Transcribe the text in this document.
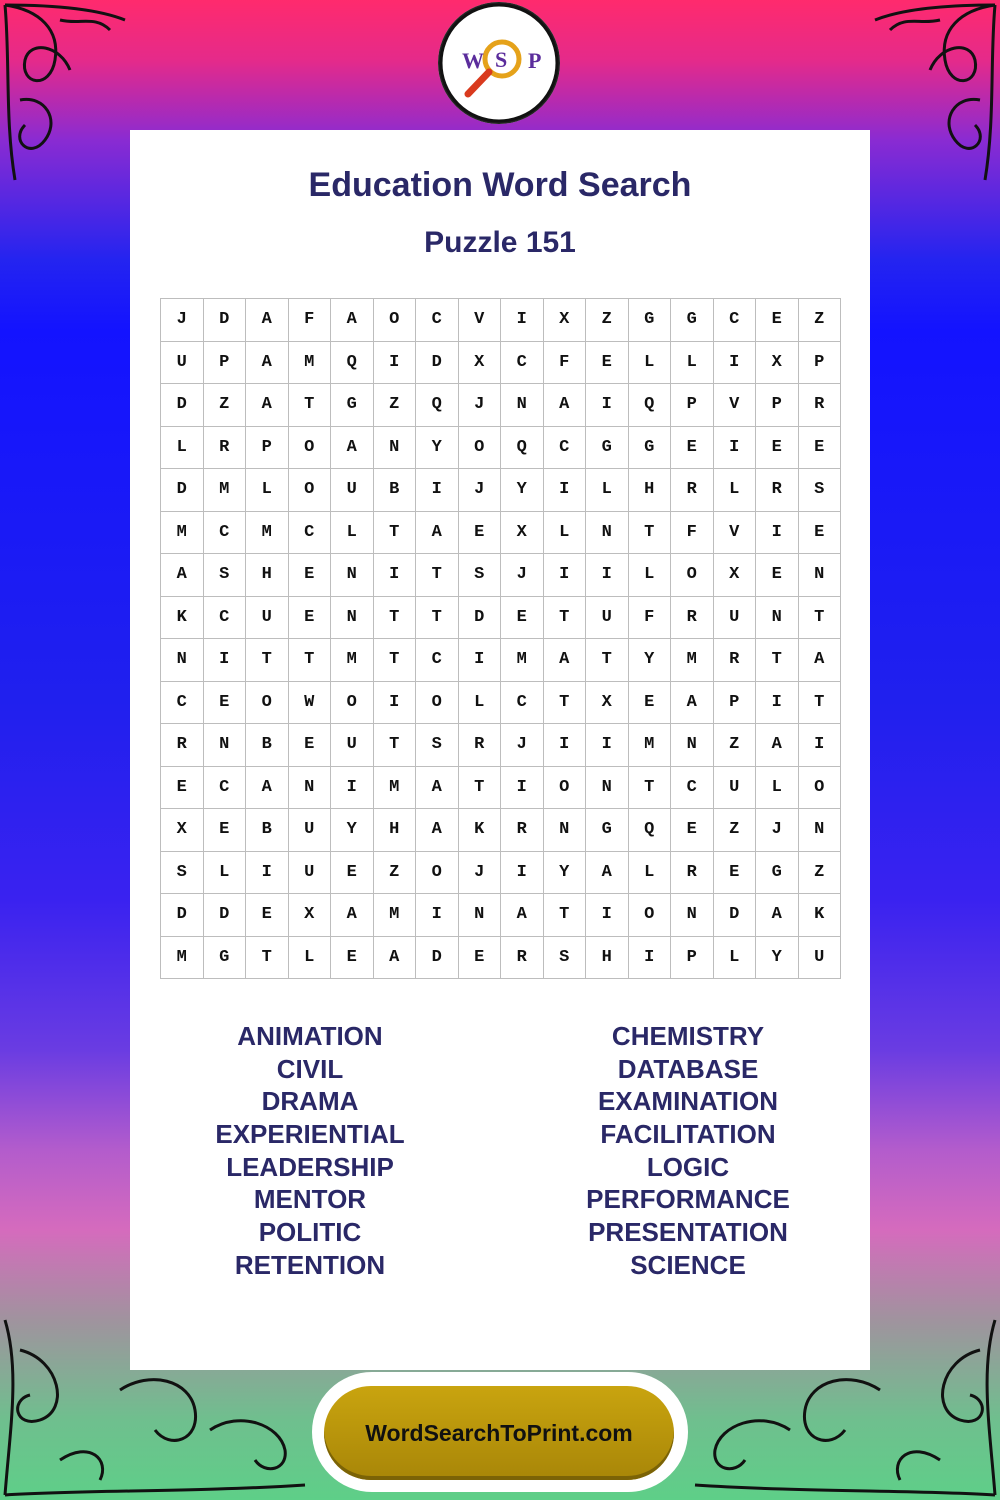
W S P
Education Word Search
Puzzle 151
J	D	A	F	A	O	C	V	I	X	Z	G	G	C	E	Z
U	P	A	M	Q	I	D	X	C	F	E	L	L	I	X	P
D	Z	A	T	G	Z	Q	J	N	A	I	Q	P	V	P	R
L	R	P	O	A	N	Y	O	Q	C	G	G	E	I	E	E
D	M	L	O	U	B	I	J	Y	I	L	H	R	L	R	S
M	C	M	C	L	T	A	E	X	L	N	T	F	V	I	E
A	S	H	E	N	I	T	S	J	I	I	L	O	X	E	N
K	C	U	E	N	T	T	D	E	T	U	F	R	U	N	T
N	I	T	T	M	T	C	I	M	A	T	Y	M	R	T	A
C	E	O	W	O	I	O	L	C	T	X	E	A	P	I	T
R	N	B	E	U	T	S	R	J	I	I	M	N	Z	A	I
E	C	A	N	I	M	A	T	I	O	N	T	C	U	L	O
X	E	B	U	Y	H	A	K	R	N	G	Q	E	Z	J	N
S	L	I	U	E	Z	O	J	I	Y	A	L	R	E	G	Z
D	D	E	X	A	M	I	N	A	T	I	O	N	D	A	K
M	G	T	L	E	A	D	E	R	S	H	I	P	L	Y	U
ANIMATION
CIVIL
DRAMA
EXPERIENTIAL
LEADERSHIP
MENTOR
POLITIC
RETENTION
CHEMISTRY
DATABASE
EXAMINATION
FACILITATION
LOGIC
PERFORMANCE
PRESENTATION
SCIENCE
WordSearchToPrint.com
